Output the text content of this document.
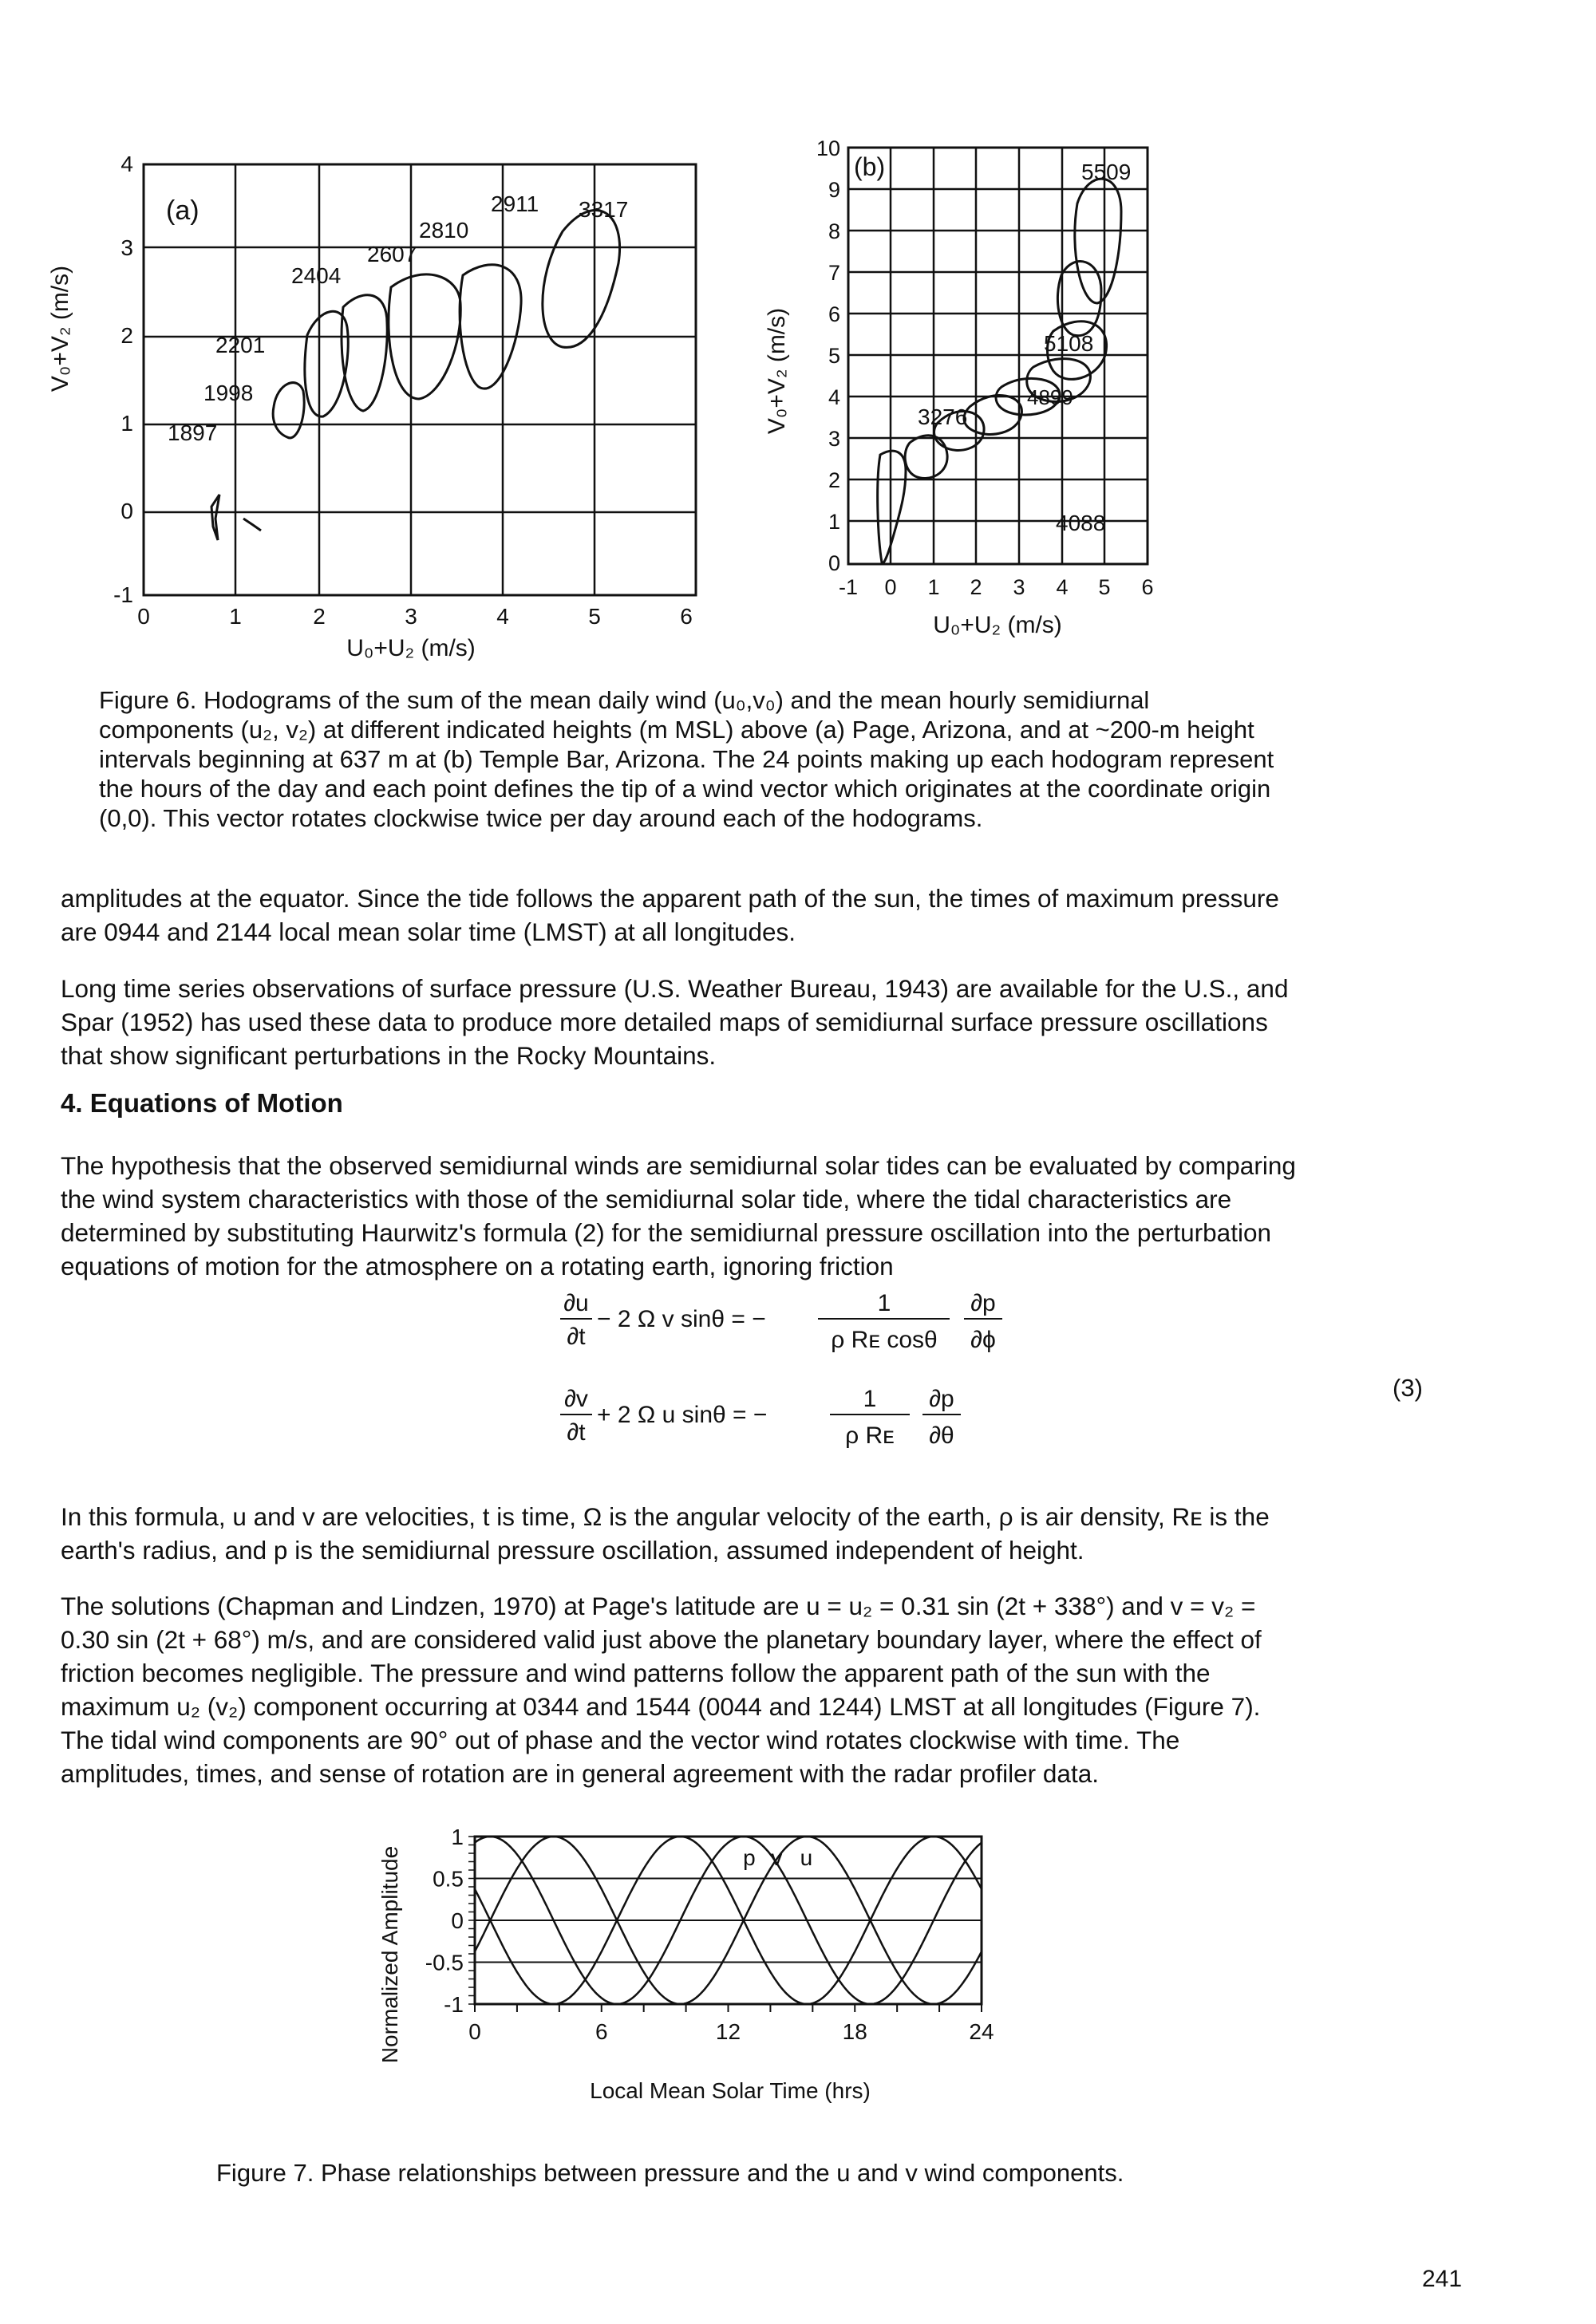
V₀+V₂ (m/s)
4
3
2
1
0
-1
0	1	2	3	4	5	6
U₀+U₂ (m/s)
(a)
1897
1998
2201
2404
2607
2810
2911 3317
V₀+V₂ (m/s)
10
9
8
7
6
5
4
3
2
1
0
-1 0 1 2 3 4 5 6
U₀+U₂ (m/s)
(b)	5509
5108
4899
3276
4088
Figure 6. Hodograms of the sum of the mean daily wind (u₀,v₀) and the mean hourly semidiurnal
components (u₂, v₂) at different indicated heights (m MSL) above (a) Page, Arizona, and at ~200-m height
intervals beginning at 637 m at (b) Temple Bar, Arizona. The 24 points making up each hodogram represent
the hours of the day and each point defines the tip of a wind vector which originates at the coordinate origin
(0,0). This vector rotates clockwise twice per day around each of the hodograms.

amplitudes at the equator. Since the tide follows the apparent path of the sun, the times of maximum pressure

are 0944 and 2144 local mean solar time (LMST) at all longitudes.

Long time series observations of surface pressure (U.S. Weather Bureau, 1943) are available for the U.S., and

Spar (1952) has used these data to produce more detailed maps of semidiurnal surface pressure oscillations

that show significant perturbations in the Rocky Mountains.

4. Equations of Motion

The hypothesis that the observed semidiurnal winds are semidiurnal solar tides can be evaluated by comparing

the wind system characteristics with those of the semidiurnal solar tide, where the tidal characteristics are

determined by substituting Haurwitz's formula (2) for the semidiurnal pressure oscillation into the perturbation

equations of motion for the atmosphere on a rotating earth, ignoring friction

∂u
∂t
− 2 Ω v sinθ = −
1
ρ Rᴇ cosθ
∂p
∂ϕ
∂v
∂t
+ 2 Ω u sinθ = −
1
ρ Rᴇ
∂p
∂θ
(3)

In this formula, u and v are velocities, t is time, Ω is the angular velocity of the earth, ρ is air density, Rᴇ is the

earth's radius, and p is the semidiurnal pressure oscillation, assumed independent of height.

The solutions (Chapman and Lindzen, 1970) at Page's latitude are u = u₂ = 0.31 sin (2t + 338°) and v = v₂ =

0.30 sin (2t + 68°) m/s, and are considered valid just above the planetary boundary layer, where the effect of

friction becomes negligible. The pressure and wind patterns follow the apparent path of the sun with the

maximum u₂ (v₂) component occurring at 0344 and 1544 (0044 and 1244) LMST at all longitudes (Figure 7).

The tidal wind components are 90° out of phase and the vector wind rotates clockwise with time. The

amplitudes, times, and sense of rotation are in general agreement with the radar profiler data.

Normalized Amplitude
1
0.5
0
-0.5
-1
0	6	12	18	24
p v u
Local Mean Solar Time (hrs)
Figure 7. Phase relationships between pressure and the u and v wind components.
241
